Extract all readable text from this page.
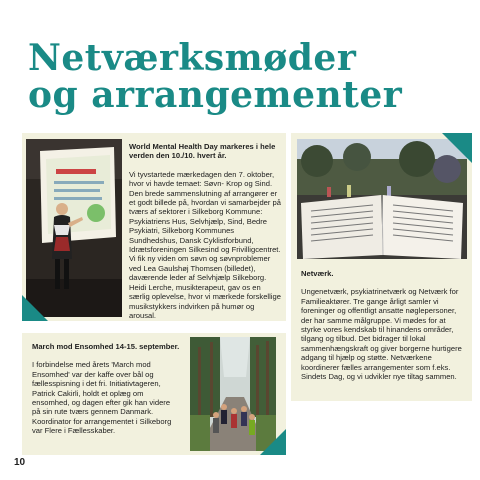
Netværksmøder
og arrangementer
World Mental Health Day markeres i hele verden den 10./10. hvert år.

Vi tyvstartede mærkedagen den 7. oktober, hvor vi havde temaet: Søvn- Krop og Sind. Den brede sammenslutning af arrangører er et godt billede på, hvordan vi samarbejder på tværs af sektorer i Silkeborg Kommune: Psykiatriens Hus, Selvhjælp, Sind, Bedre Psykiatri, Silkeborg Kommunes Sundhedshus, Dansk Cyklistforbund, Idrætsforeningen Silkesind og Frivilligcentret.

Vi fik ny viden om søvn og søvnproblemer ved Lea Gaulshøj Thomsen (billedet), daværende leder af Selvhjælp Silkeborg. Heidi Lerche, musikterapeut, gav os en særlig oplevelse, hvor vi mærkede forskellige musikstykkers indvirken på humør og arousal.

March mod Ensomhed 14-15. september.

I forbindelse med årets 'March mod Ensomhed' var der kaffe over bål og fællesspisning i det fri. Initiativtageren, Patrick Cakirli, holdt et oplæg om ensomhed, og dagen efter gik han videre på sin rute tværs gennem Danmark. Koordinator for arrangementet i Silkeborg var Flere i Fællesskaber.

Netværk.

Ungenetværk, psykiatrinetværk og Netværk for Familieaktører. Tre gange årligt samler vi foreninger og offentligt ansatte nøglepersoner, der har samme målgruppe. Vi mødes for at styrke vores kendskab til hinandens områder, tilgang og tilbud. Det bidrager til lokal sammenhængskraft og giver borgerne hurtigere adgang til hjælp og støtte. Netværkene koordinerer fælles arrangementer som f.eks. Sindets Dag, og vi udvikler nye tiltag sammen.

10
